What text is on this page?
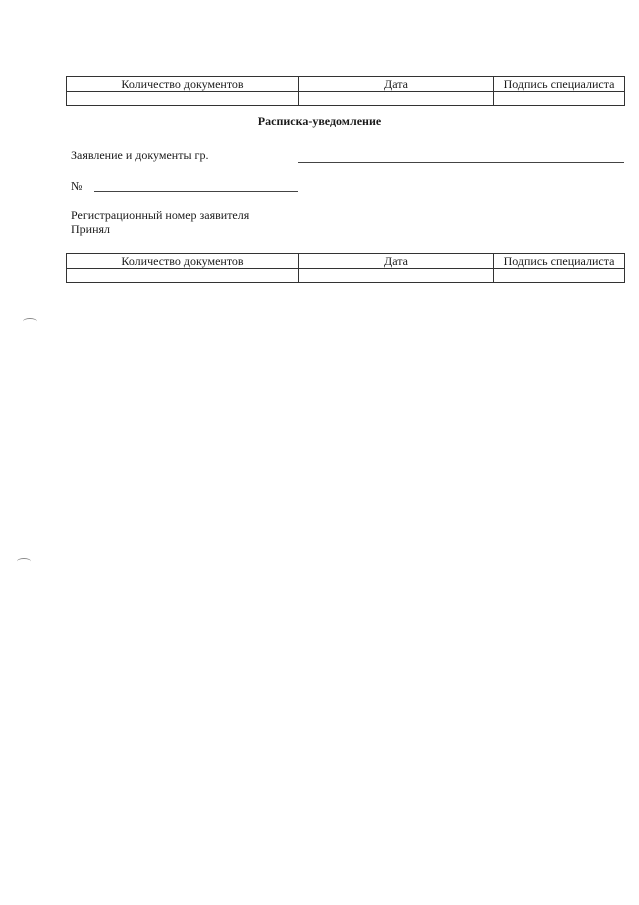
Количество документов	Дата	Подпись специалиста

Расписка-уведомление
Заявление и документы гр.
№
Регистрационный номер заявителя
Принял
Количество документов	Дата	Подпись специалиста
